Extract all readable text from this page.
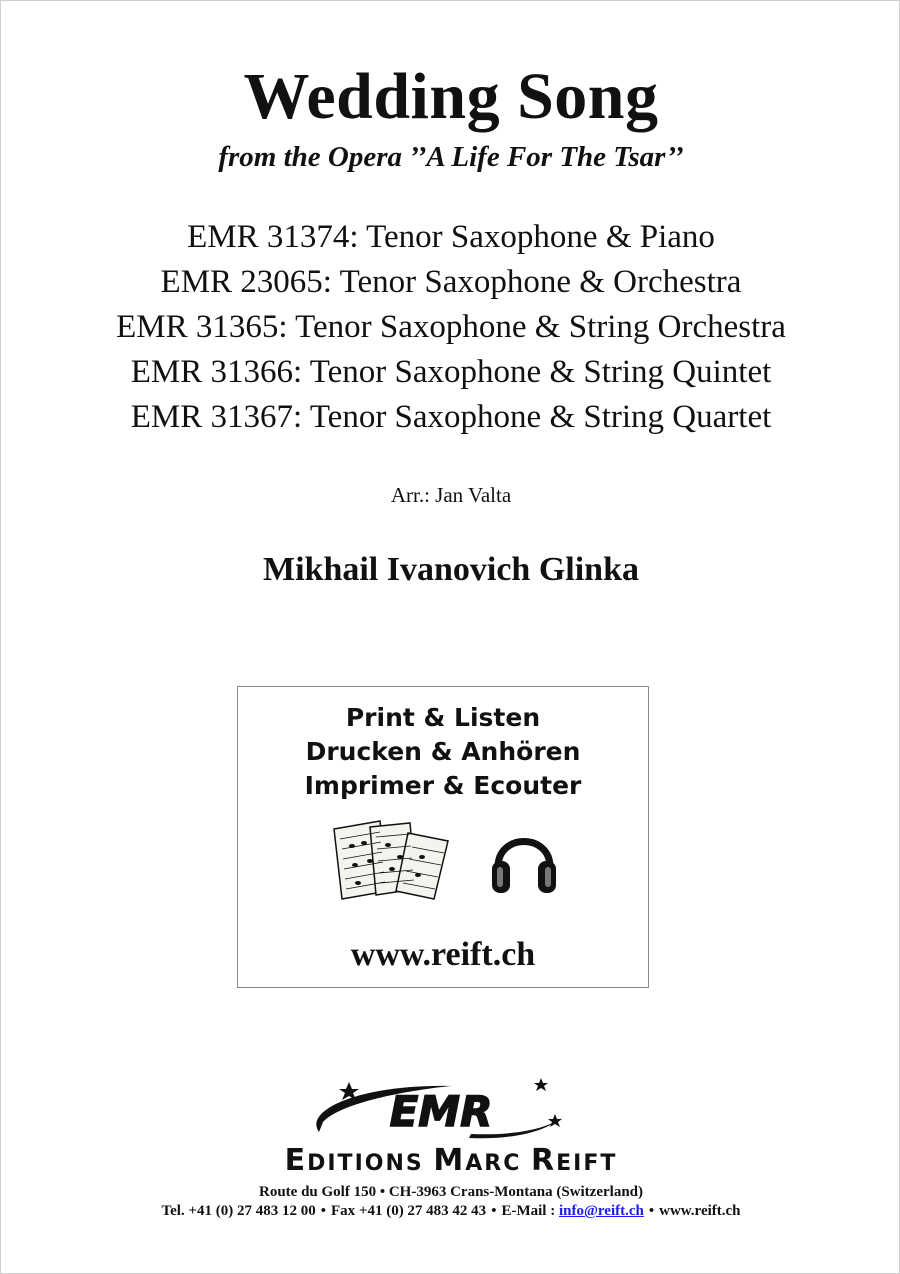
Wedding Song
from the Opera ’’A Life For The Tsar’’
EMR 31374: Tenor Saxophone & Piano
EMR 23065: Tenor Saxophone & Orchestra
EMR 31365: Tenor Saxophone & String Orchestra
EMR 31366: Tenor Saxophone & String Quintet
EMR 31367: Tenor Saxophone & String Quartet
Arr.: Jan Valta
Mikhail Ivanovich Glinka
Print & Listen
Drucken & Anhören
Imprimer & Ecouter
www.reift.ch
EMR
EDITIONS MARC REIFT
Route du Golf 150 • CH-3963 Crans-Montana (Switzerland)
Tel. +41 (0) 27 483 12 00 • Fax +41 (0) 27 483 42 43 • E-Mail : info@reift.ch • www.reift.ch
